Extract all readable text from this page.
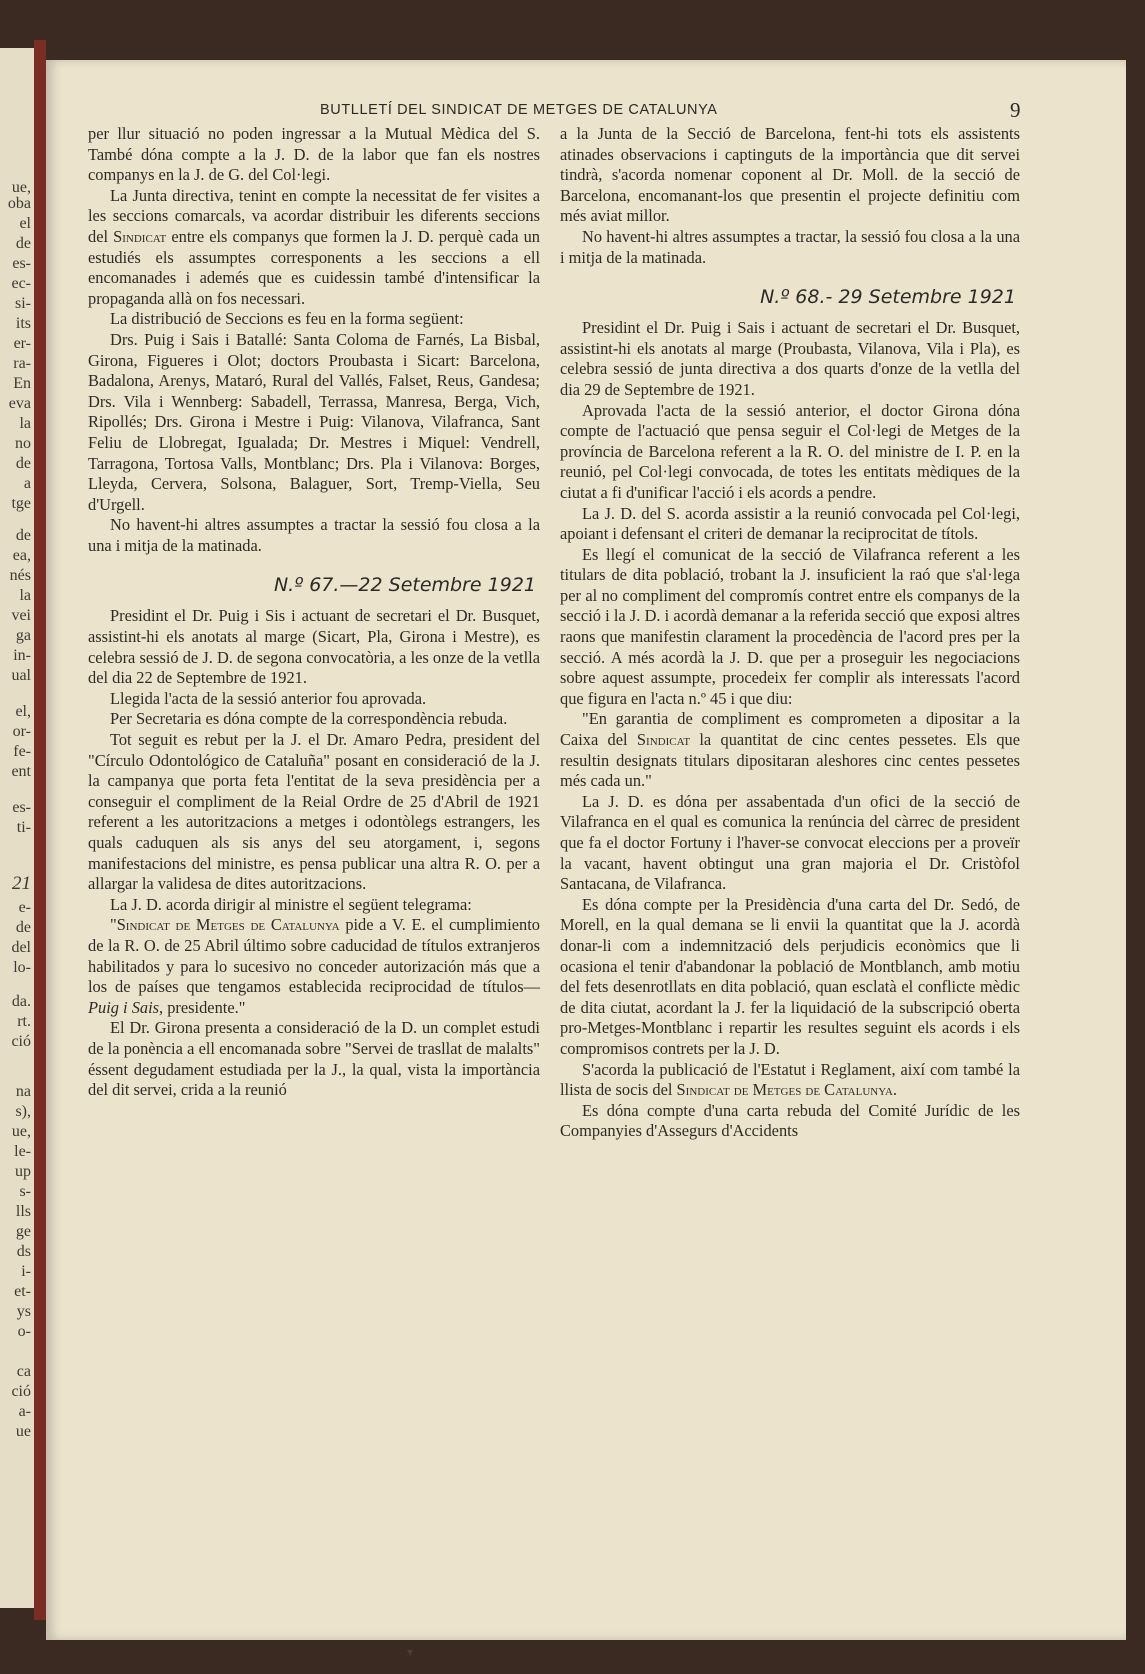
ue,
oba
el
de
es-
ec-
si-
its
er-
ra-
En
eva
la
no
de
a
tge
de
ea,
nés
la
vei
ga
in-
ual
el,
or-
fe-
ent
es-
ti-
21
e-
de
del
lo-
da.
rt.
ció
na
s),
ue,
le-
up
s-
lls
ge
ds
i-
et-
ys
o-
ca
ció
a-
ue
BUTLLETÍ DEL SINDICAT DE METGES DE CATALUNYA	9

per llur situació no poden ingressar a la Mutual Mèdica del S. També dóna compte a la J. D. de la labor que fan els nostres companys en la J. de G. del Col·legi.

La Junta directiva, tenint en compte la necessitat de fer visites a les seccions comarcals, va acordar distribuir les diferents seccions del Sindicat entre els companys que formen la J. D. perquè cada un estudiés els assumptes corresponents a les seccions a ell encomanades i ademés que es cuidessin també d'intensificar la propaganda allà on fos necessari.

La distribució de Seccions es feu en la forma següent:

Drs. Puig i Sais i Batallé: Santa Coloma de Farnés, La Bisbal, Girona, Figueres i Olot; doctors Proubasta i Sicart: Barcelona, Badalona, Arenys, Mataró, Rural del Vallés, Falset, Reus, Gandesa; Drs. Vila i Wennberg: Sabadell, Terrassa, Manresa, Berga, Vich, Ripollés; Drs. Girona i Mestre i Puig: Vilanova, Vilafranca, Sant Feliu de Llobregat, Igualada; Dr. Mestres i Miquel: Vendrell, Tarragona, Tortosa Valls, Montblanc; Drs. Pla i Vilanova: Borges, Lleyda, Cervera, Solsona, Balaguer, Sort, Tremp-Viella, Seu d'Urgell.

No havent-hi altres assumptes a tractar la sessió fou closa a la una i mitja de la matinada.

N.º 67.—22 Setembre 1921

Presidint el Dr. Puig i Sis i actuant de secretari el Dr. Busquet, assistint-hi els anotats al marge (Sicart, Pla, Girona i Mestre), es celebra sessió de J. D. de segona convocatòria, a les onze de la vetlla del dia 22 de Septembre de 1921.

Llegida l'acta de la sessió anterior fou aprovada.

Per Secretaria es dóna compte de la correspondència rebuda.

Tot seguit es rebut per la J. el Dr. Amaro Pedra, president del "Círculo Odontológico de Cataluña" posant en consideració de la J. la campanya que porta feta l'entitat de la seva presidència per a conseguir el compliment de la Reial Ordre de 25 d'Abril de 1921 referent a les autoritzacions a metges i odontòlegs estrangers, les quals caduquen als sis anys del seu atorgament, i, segons manifestacions del ministre, es pensa publicar una altra R. O. per a allargar la validesa de dites autoritzacions.

La J. D. acorda dirigir al ministre el següent telegrama:

"Sindicat de Metges de Catalunya pide a V. E. el cumplimiento de la R. O. de 25 Abril último sobre caducidad de títulos extranjeros habilitados y para lo sucesivo no conceder autorización más que a los de países que tengamos establecida reciprocidad de títulos—Puig i Sais, presidente."

El Dr. Girona presenta a consideració de la D. un complet estudi de la ponència a ell encomanada sobre "Servei de trasllat de malalts" éssent degudament estudiada per la J., la qual, vista la importància del dit servei, crida a la reunió

a la Junta de la Secció de Barcelona, fent-hi tots els assistents atinades observacions i captinguts de la importància que dit servei tindrà, s'acorda nomenar coponent al Dr. Moll. de la secció de Barcelona, encomanant-los que presentin el projecte definitiu com més aviat millor.

No havent-hi altres assumptes a tractar, la sessió fou closa a la una i mitja de la matinada.

N.º 68.- 29 Setembre 1921

Presidint el Dr. Puig i Sais i actuant de secretari el Dr. Busquet, assistint-hi els anotats al marge (Proubasta, Vilanova, Vila i Pla), es celebra sessió de junta directiva a dos quarts d'onze de la vetlla del dia 29 de Septembre de 1921.

Aprovada l'acta de la sessió anterior, el doctor Girona dóna compte de l'actuació que pensa seguir el Col·legi de Metges de la província de Barcelona referent a la R. O. del ministre de I. P. en la reunió, pel Col·legi convocada, de totes les entitats mèdiques de la ciutat a fi d'unificar l'acció i els acords a pendre.

La J. D. del S. acorda assistir a la reunió convocada pel Col·legi, apoiant i defensant el criteri de demanar la reciprocitat de títols.

Es llegí el comunicat de la secció de Vilafranca referent a les titulars de dita població, trobant la J. insuficient la raó que s'al·lega per al no compliment del compromís contret entre els companys de la secció i la J. D. i acordà demanar a la referida secció que exposi altres raons que manifestin clarament la procedència de l'acord pres per la secció. A més acordà la J. D. que per a proseguir les negociacions sobre aquest assumpte, procedeix fer complir als interessats l'acord que figura en l'acta n.º 45 i que diu:

"En garantia de compliment es comprometen a dipositar a la Caixa del Sindicat la quantitat de cinc centes pessetes. Els que resultin designats titulars dipositaran aleshores cinc centes pessetes més cada un."

La J. D. es dóna per assabentada d'un ofici de la secció de Vilafranca en el qual es comunica la renúncia del càrrec de president que fa el doctor Fortuny i l'haver-se convocat eleccions per a proveïr la vacant, havent obtingut una gran majoria el Dr. Cristòfol Santacana, de Vilafranca.

Es dóna compte per la Presidència d'una carta del Dr. Sedó, de Morell, en la qual demana se li envii la quantitat que la J. acordà donar-li com a indemnització dels perjudicis econòmics que li ocasiona el tenir d'abandonar la població de Montblanch, amb motiu del fets desenrotllats en dita població, quan esclatà el conflicte mèdic de dita ciutat, acordant la J. fer la liquidació de la subscripció oberta pro-Metges-Montblanc i repartir les resultes seguint els acords i els compromisos contrets per la J. D.

S'acorda la publicació de l'Estatut i Reglament, així com també la llista de socis del Sindicat de Metges de Catalunya.

Es dóna compte d'una carta rebuda del Comité Jurídic de les Companyies d'Assegurs d'Accidents

▾
